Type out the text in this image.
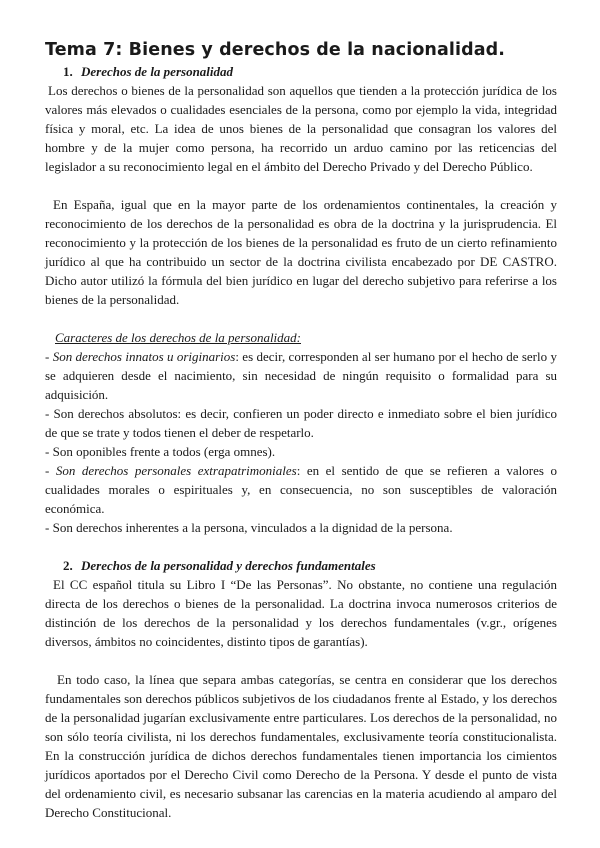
Tema 7: Bienes y derechos de la nacionalidad.
1. Derechos de la personalidad

Los derechos o bienes de la personalidad son aquellos que tienden a la protección jurídica de los valores más elevados o cualidades esenciales de la persona, como por ejemplo la vida, integridad física y moral, etc. La idea de unos bienes de la personalidad que consagran los valores del hombre y de la mujer como persona, ha recorrido un arduo camino por las reticencias del legislador a su reconocimiento legal en el ámbito del Derecho Privado y del Derecho Público.

En España, igual que en la mayor parte de los ordenamientos continentales, la creación y reconocimiento de los derechos de la personalidad es obra de la doctrina y la jurisprudencia. El reconocimiento y la protección de los bienes de la personalidad es fruto de un cierto refinamiento jurídico al que ha contribuido un sector de la doctrina civilista encabezado por DE CASTRO. Dicho autor utilizó la fórmula del bien jurídico en lugar del derecho subjetivo para referirse a los bienes de la personalidad.

Caracteres de los derechos de la personalidad:

- Son derechos innatos u originarios: es decir, corresponden al ser humano por el hecho de serlo y se adquieren desde el nacimiento, sin necesidad de ningún requisito o formalidad para su adquisición.

- Son derechos absolutos: es decir, confieren un poder directo e inmediato sobre el bien jurídico de que se trate y todos tienen el deber de respetarlo.

- Son oponibles frente a todos (erga omnes).

- Son derechos personales extrapatrimoniales: en el sentido de que se refieren a valores o cualidades morales o espirituales y, en consecuencia, no son susceptibles de valoración económica.

- Son derechos inherentes a la persona, vinculados a la dignidad de la persona.

2. Derechos de la personalidad y derechos fundamentales

El CC español titula su Libro I “De las Personas”. No obstante, no contiene una regulación directa de los derechos o bienes de la personalidad. La doctrina invoca numerosos criterios de distinción de los derechos de la personalidad y los derechos fundamentales (v.gr., orígenes diversos, ámbitos no coincidentes, distinto tipos de garantías).

En todo caso, la línea que separa ambas categorías, se centra en considerar que los derechos fundamentales son derechos públicos subjetivos de los ciudadanos frente al Estado, y los derechos de la personalidad jugarían exclusivamente entre particulares. Los derechos de la personalidad, no son sólo teoría civilista, ni los derechos fundamentales, exclusivamente teoría constitucionalista. En la construcción jurídica de dichos derechos fundamentales tienen importancia los cimientos jurídicos aportados por el Derecho Civil como Derecho de la Persona. Y desde el punto de vista del ordenamiento civil, es necesario subsanar las carencias en la materia acudiendo al amparo del Derecho Constitucional.
